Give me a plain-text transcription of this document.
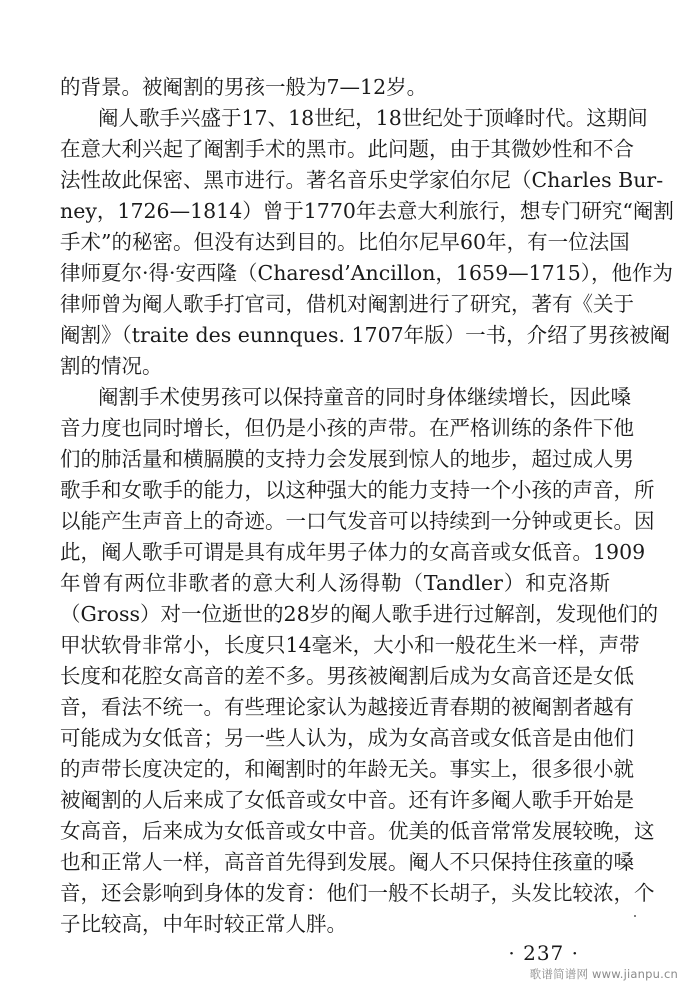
的背景。被阉割的男孩一般为7—12岁。
阉人歌手兴盛于17、18世纪，18世纪处于顶峰时代。这期间
在意大利兴起了阉割手术的黑市。此问题，由于其微妙性和不合
法性故此保密、黑市进行。著名音乐史学家伯尔尼（Charles Bur-
ney，1726—1814）曾于1770年去意大利旅行，想专门研究“阉割
手术”的秘密。但没有达到目的。比伯尔尼早60年，有一位法国
律师夏尔·得·安西隆（Charesd’Ancillon，1659—1715），他作为
律师曾为阉人歌手打官司，借机对阉割进行了研究，著有《关于
阉割》（traite des eunnques. 1707年版）一书，介绍了男孩被阉
割的情况。
阉割手术使男孩可以保持童音的同时身体继续增长，因此嗓
音力度也同时增长，但仍是小孩的声带。在严格训练的条件下他
们的肺活量和横膈膜的支持力会发展到惊人的地步，超过成人男
歌手和女歌手的能力，以这种强大的能力支持一个小孩的声音，所
以能产生声音上的奇迹。一口气发音可以持续到一分钟或更长。因
此，阉人歌手可谓是具有成年男子体力的女高音或女低音。1909
年曾有两位非歌者的意大利人汤得勒（Tandler）和克洛斯
（Gross）对一位逝世的28岁的阉人歌手进行过解剖，发现他们的
甲状软骨非常小，长度只14毫米，大小和一般花生米一样，声带
长度和花腔女高音的差不多。男孩被阉割后成为女高音还是女低
音，看法不统一。有些理论家认为越接近青春期的被阉割者越有
可能成为女低音；另一些人认为，成为女高音或女低音是由他们
的声带长度决定的，和阉割时的年龄无关。事实上，很多很小就
被阉割的人后来成了女低音或女中音。还有许多阉人歌手开始是
女高音，后来成为女低音或女中音。优美的低音常常发展较晚，这
也和正常人一样，高音首先得到发展。阉人不只保持住孩童的嗓
音，还会影响到身体的发育：他们一般不长胡子，头发比较浓，个
子比较高，中年时较正常人胖。
· 237 ·
歌谱简谱网 www.jianpu.cn
